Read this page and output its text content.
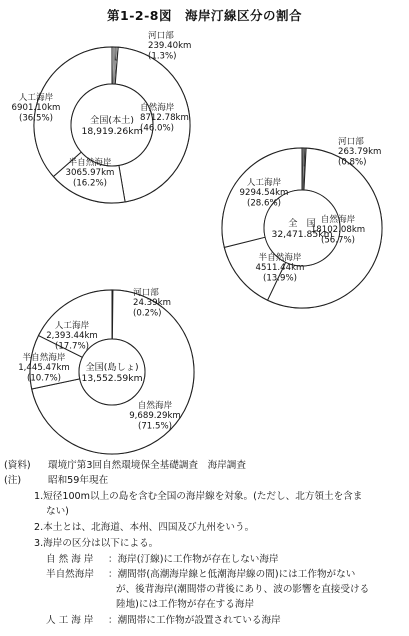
第1-2-8図　海岸汀線区分の割合
全国(本土) 18,919.26km
河口部 239.40km (1.3%)
自然海岸 8712.78km (46.0%)
半自然海岸 3065.97km (16.2%)
人工海岸 6901.10km (36.5%)
全　国 32,471.85km
河口部 263.79km (0.8%)
自然海岸 18102.08km (56.7%)
半自然海岸 4511.44km (13.9%)
人工海岸 9294.54km (28.6%)
全国(島しょ) 13,552.59km
河口部 24.39km (0.2%)
自然海岸 9,689.29km (71.5%)
半自然海岸 1,445.47km (10.7%)
人工海岸 2,393.44km (17.7%)
(資料) 環境庁第3回自然環境保全基礎調査　海岸調査
(注)	昭和59年現在
1.短径100m以上の島を含む全国の海岸線を対象。(ただし、北方領土を含ま
ない)
2.本土とは、北海道、本州、四国及び九州をいう。
3.海岸の区分は以下による。
自 然 海 岸 ：海岸(汀線)に工作物が存在しない海岸
半自然海岸 ：潮間帯(高潮海岸線と低潮海岸線の間)には工作物がない
が、後背海岸(潮間帯の背後にあり、波の影響を直接受ける
陸地)には工作物が存在する海岸
人 工 海 岸 ：潮間帯に工作物が設置されている海岸
